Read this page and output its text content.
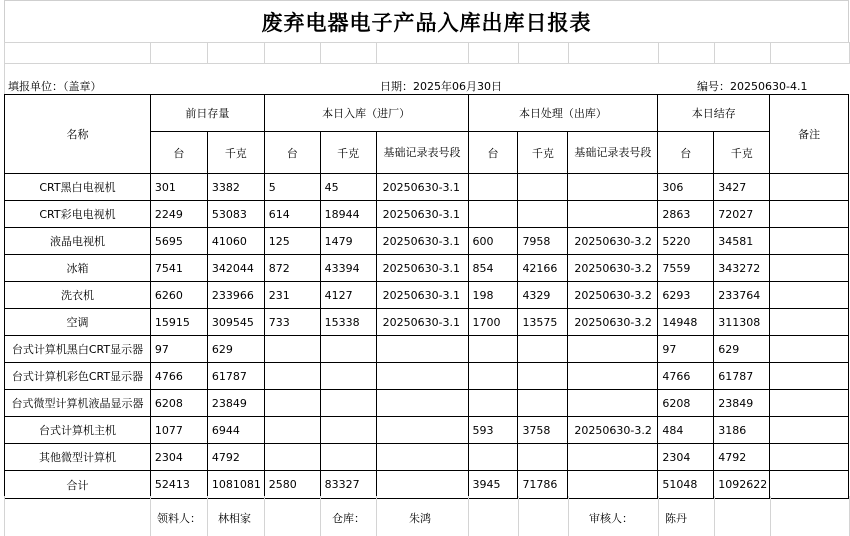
废弃电器电子产品入库出库日报表
填报单位：（盖章）	日期：2025年06月30日	编号：20250630-4.1
名称	前日存量		本日入库（进厂）			本日处理（出库）			本日结存		备注
	台	千克	台	千克	基础记录表号段	台	千克	基础记录表号段	台	千克	
CRT黑白电视机	301	3382	5	45	20250630-3.1				306	3427	
CRT彩电电视机	2249	53083	614	18944	20250630-3.1				2863	72027	
液晶电视机	5695	41060	125	1479	20250630-3.1	600	7958	20250630-3.2	5220	34581	
冰箱	7541	342044	872	43394	20250630-3.1	854	42166	20250630-3.2	7559	343272	
洗衣机	6260	233966	231	4127	20250630-3.1	198	4329	20250630-3.2	6293	233764	
空调	15915	309545	733	15338	20250630-3.1	1700	13575	20250630-3.2	14948	311308	
台式计算机黑白CRT显示器	97	629							97	629	
台式计算机彩色CRT显示器	4766	61787							4766	61787	
台式微型计算机液晶显示器	6208	23849							6208	23849	
台式计算机主机	1077	6944				593	3758	20250630-3.2	484	3186	
其他微型计算机	2304	4792							2304	4792	
合计	52413	1081081	2580	83327		3945	71786		51048	1092622	
领料人： 林相家	仓库：	朱鸿	审核人：	陈丹
